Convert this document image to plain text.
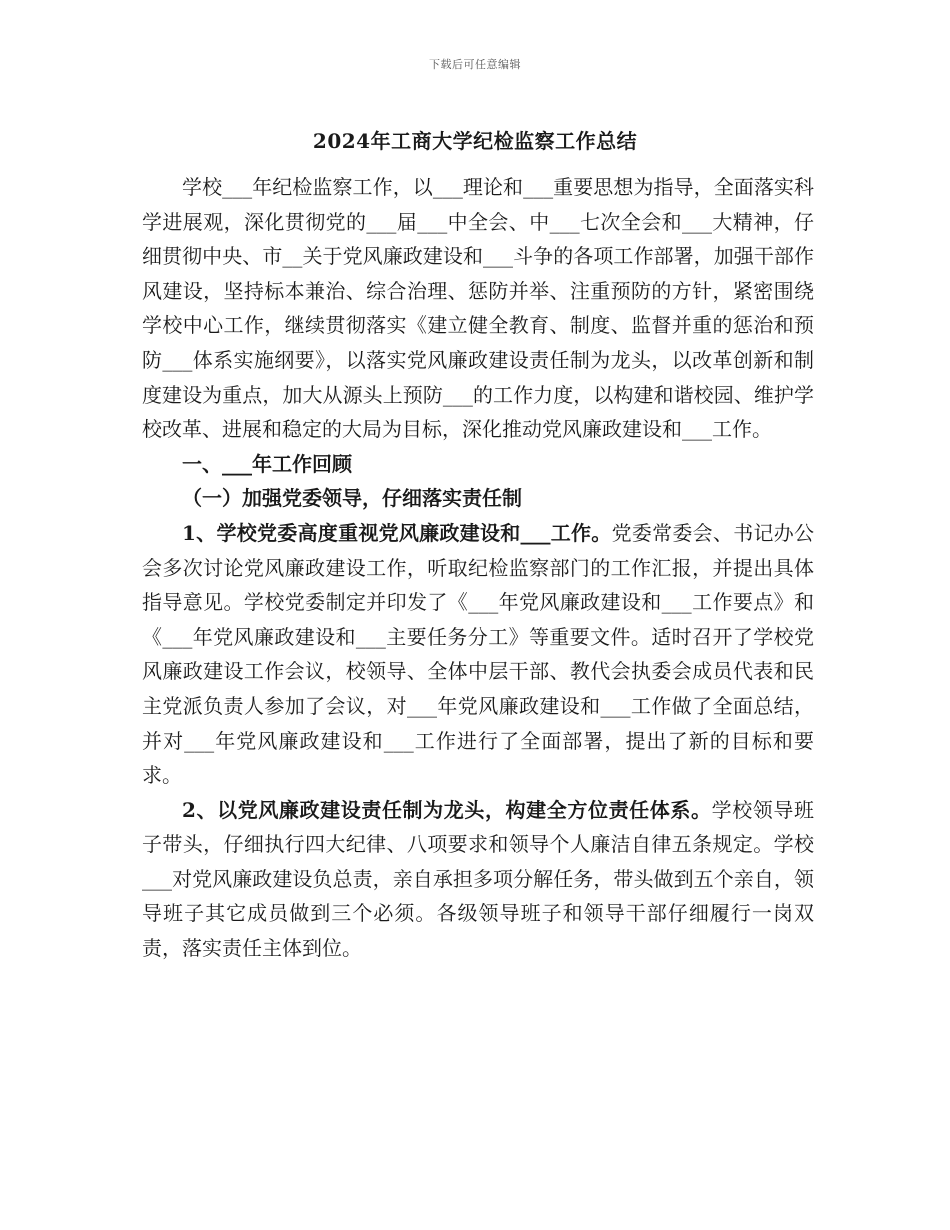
下载后可任意编辑
2024年工商大学纪检监察工作总结

学校___年纪检监察工作，以___理论和___重要思想为指导，全面落实科学进展观，深化贯彻党的___届___中全会、中___七次全会和___大精神，仔细贯彻中央、市__关于党风廉政建设和___斗争的各项工作部署，加强干部作风建设，坚持标本兼治、综合治理、惩防并举、注重预防的方针，紧密围绕学校中心工作，继续贯彻落实《建立健全教育、制度、监督并重的惩治和预防___体系实施纲要》，以落实党风廉政建设责任制为龙头，以改革创新和制度建设为重点，加大从源头上预防___的工作力度，以构建和谐校园、维护学校改革、进展和稳定的大局为目标，深化推动党风廉政建设和___工作。

一、___年工作回顾

（一）加强党委领导，仔细落实责任制

1、学校党委高度重视党风廉政建设和___工作。党委常委会、书记办公会多次讨论党风廉政建设工作，听取纪检监察部门的工作汇报，并提出具体指导意见。学校党委制定并印发了《___年党风廉政建设和___工作要点》和《___年党风廉政建设和___主要任务分工》等重要文件。适时召开了学校党风廉政建设工作会议，校领导、全体中层干部、教代会执委会成员代表和民主党派负责人参加了会议，对___年党风廉政建设和___工作做了全面总结，并对___年党风廉政建设和___工作进行了全面部署，提出了新的目标和要求。

2、以党风廉政建设责任制为龙头，构建全方位责任体系。学校领导班子带头，仔细执行四大纪律、八项要求和领导个人廉洁自律五条规定。学校___对党风廉政建设负总责，亲自承担多项分解任务，带头做到五个亲自，领导班子其它成员做到三个必须。各级领导班子和领导干部仔细履行一岗双责，落实责任主体到位。
